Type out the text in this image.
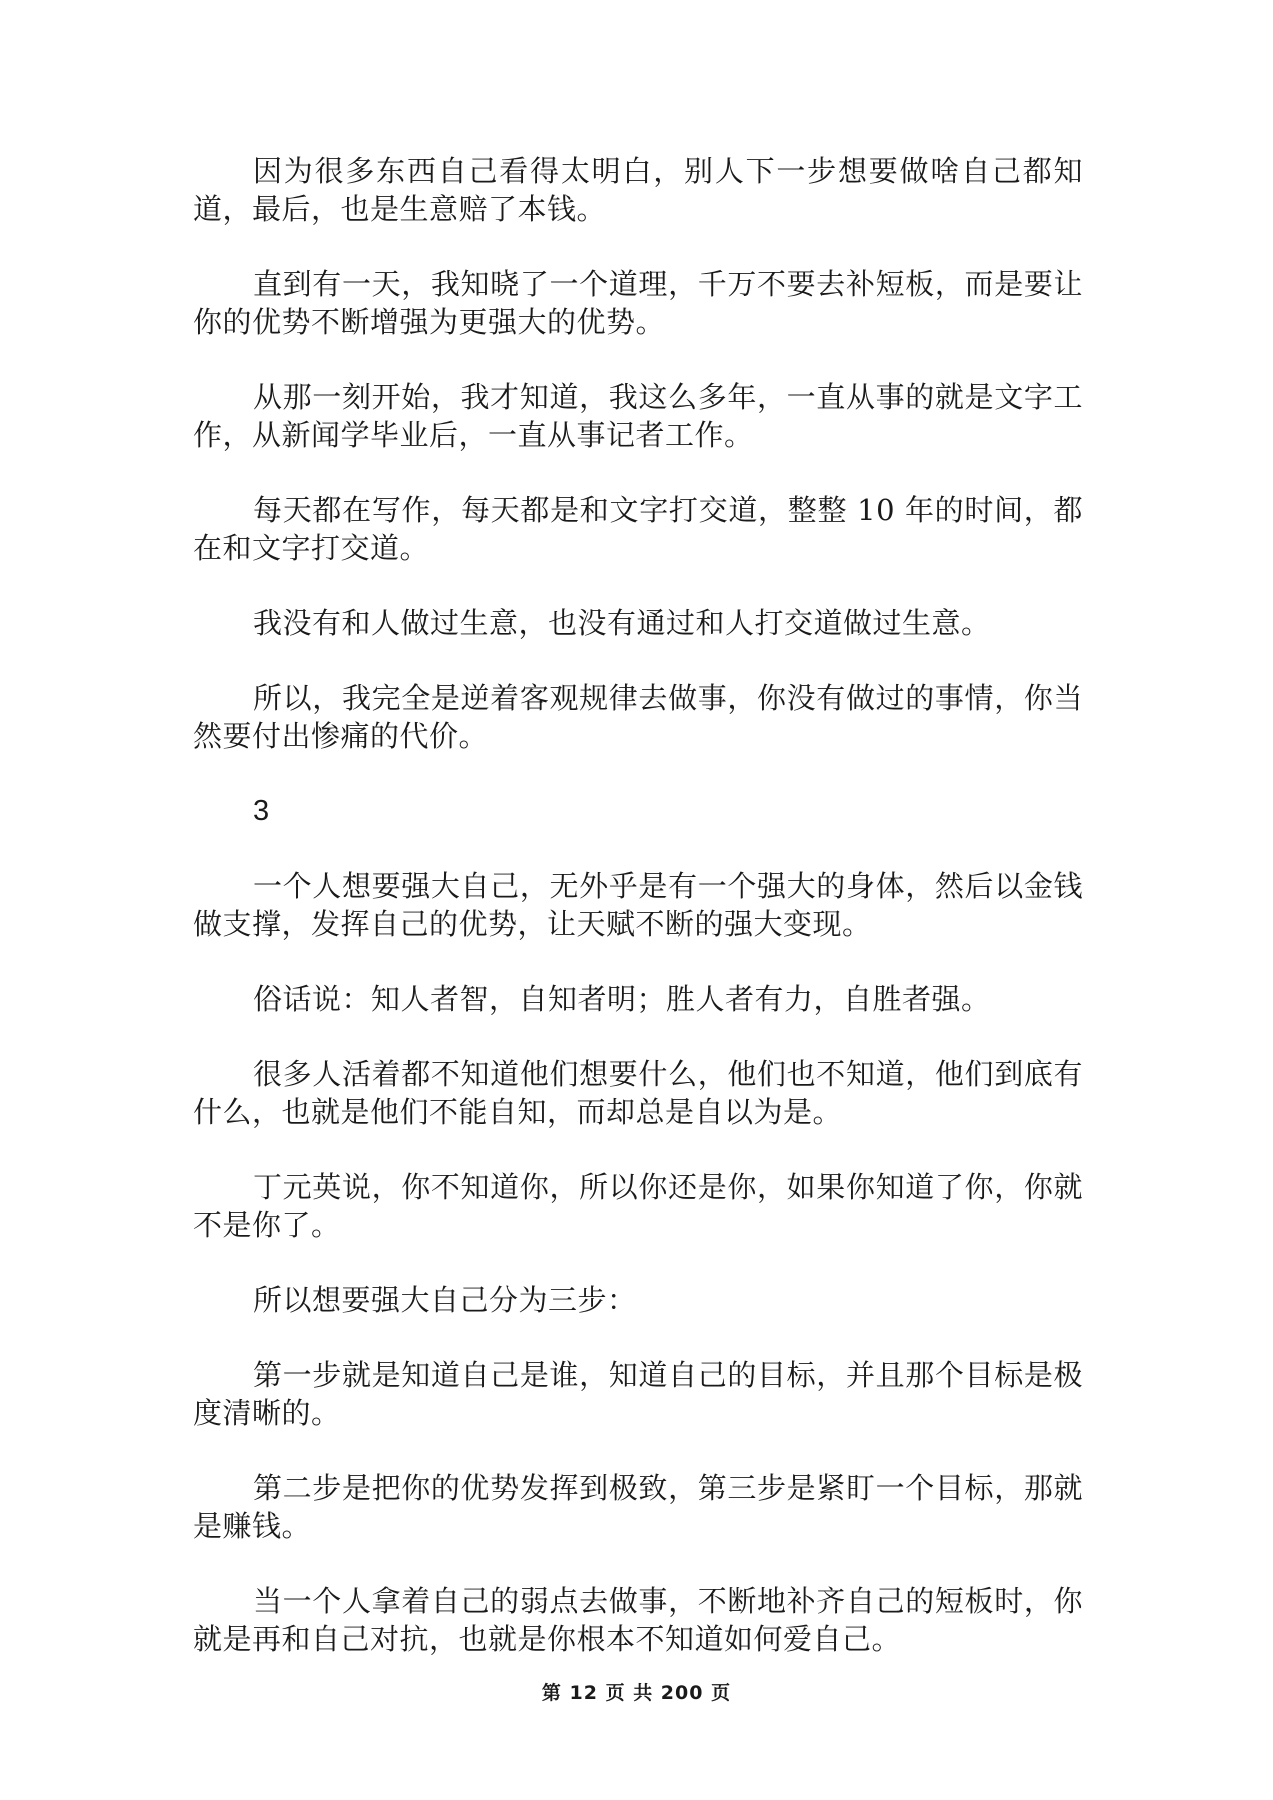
因为很多东西自己看得太明白，别人下一步想要做啥自己都知道，最后，也是生意赔了本钱。

直到有一天，我知晓了一个道理，千万不要去补短板，而是要让你的优势不断增强为更强大的优势。

从那一刻开始，我才知道，我这么多年，一直从事的就是文字工作，从新闻学毕业后，一直从事记者工作。

每天都在写作，每天都是和文字打交道，整整 10 年的时间，都在和文字打交道。

我没有和人做过生意，也没有通过和人打交道做过生意。

所以，我完全是逆着客观规律去做事，你没有做过的事情，你当然要付出惨痛的代价。

3

一个人想要强大自己，无外乎是有一个强大的身体，然后以金钱做支撑，发挥自己的优势，让天赋不断的强大变现。

俗话说：知人者智，自知者明；胜人者有力，自胜者强。

很多人活着都不知道他们想要什么，他们也不知道，他们到底有什么，也就是他们不能自知，而却总是自以为是。

丁元英说，你不知道你，所以你还是你，如果你知道了你，你就不是你了。

所以想要强大自己分为三步：

第一步就是知道自己是谁，知道自己的目标，并且那个目标是极度清晰的。

第二步是把你的优势发挥到极致，第三步是紧盯一个目标，那就是赚钱。

当一个人拿着自己的弱点去做事，不断地补齐自己的短板时，你就是再和自己对抗，也就是你根本不知道如何爱自己。

第 12 页 共 200 页
